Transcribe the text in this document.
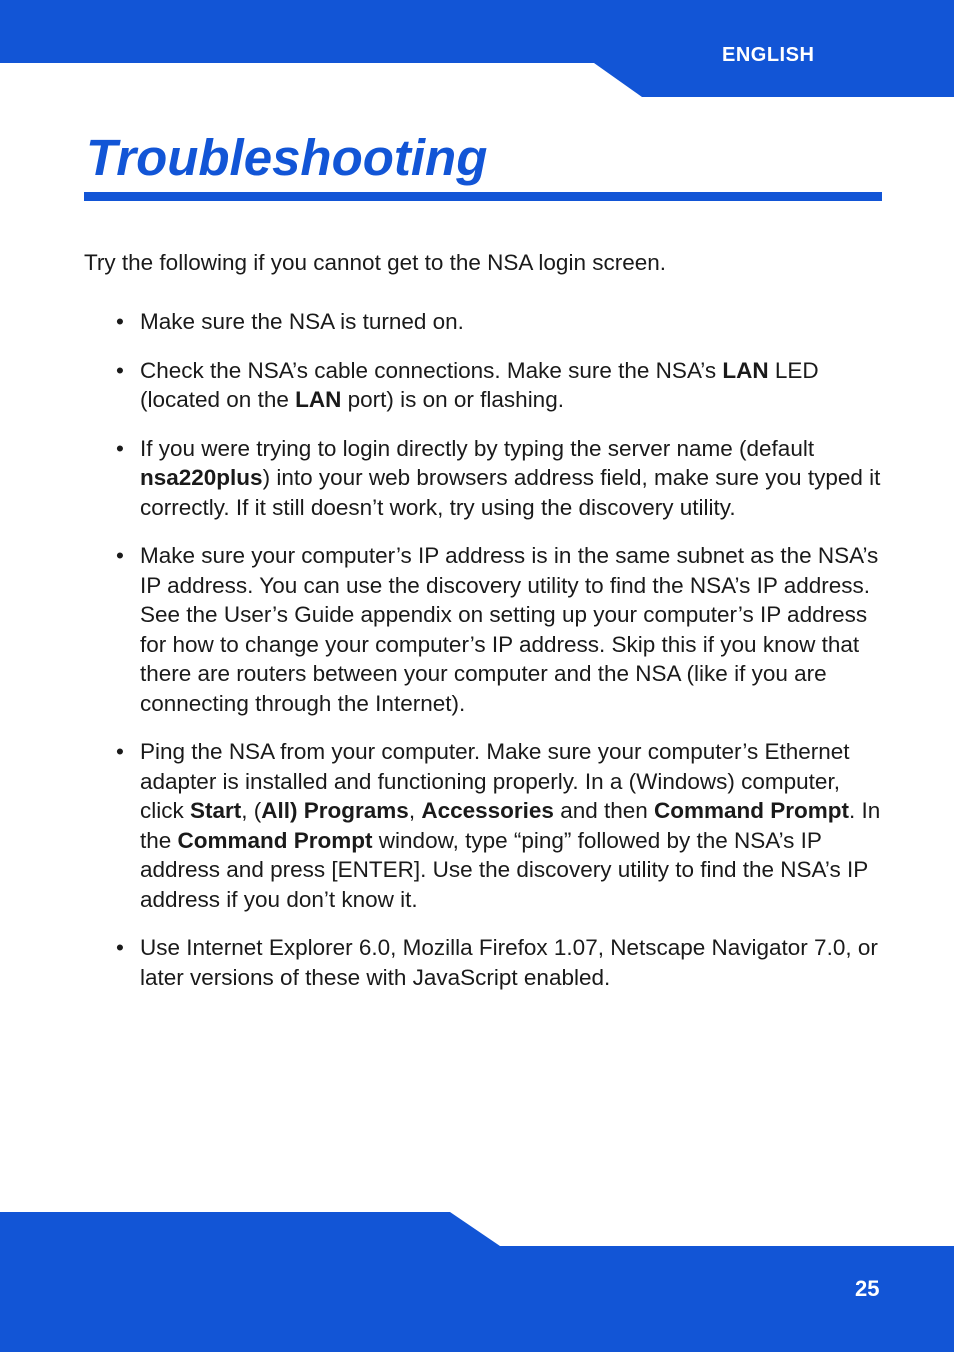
ENGLISH
25
Troubleshooting

Try the following if you cannot get to the NSA login screen.

• Make sure the NSA is turned on.
• Check the NSA’s cable connections. Make sure the NSA’s LAN LED (located on the LAN port) is on or flashing.
• If you were trying to login directly by typing the server name (default nsa220plus) into your web browsers address field, make sure you typed it correctly. If it still doesn’t work, try using the discovery utility.
• Make sure your computer’s IP address is in the same subnet as the NSA’s IP address. You can use the discovery utility to find the NSA’s IP address. See the User’s Guide appendix on setting up your computer’s IP address for how to change your computer’s IP address. Skip this if you know that there are routers between your computer and the NSA (like if you are connecting through the Internet).
• Ping the NSA from your computer. Make sure your computer’s Ethernet adapter is installed and functioning properly. In a (Windows) computer, click Start, (All) Programs, Accessories and then Command Prompt. In the Command Prompt window, type “ping” followed by the NSA’s IP address and press [ENTER]. Use the discovery utility to find the NSA’s IP address if you don’t know it.
• Use Internet Explorer 6.0, Mozilla Firefox 1.07, Netscape Navigator 7.0, or later versions of these with JavaScript enabled.
